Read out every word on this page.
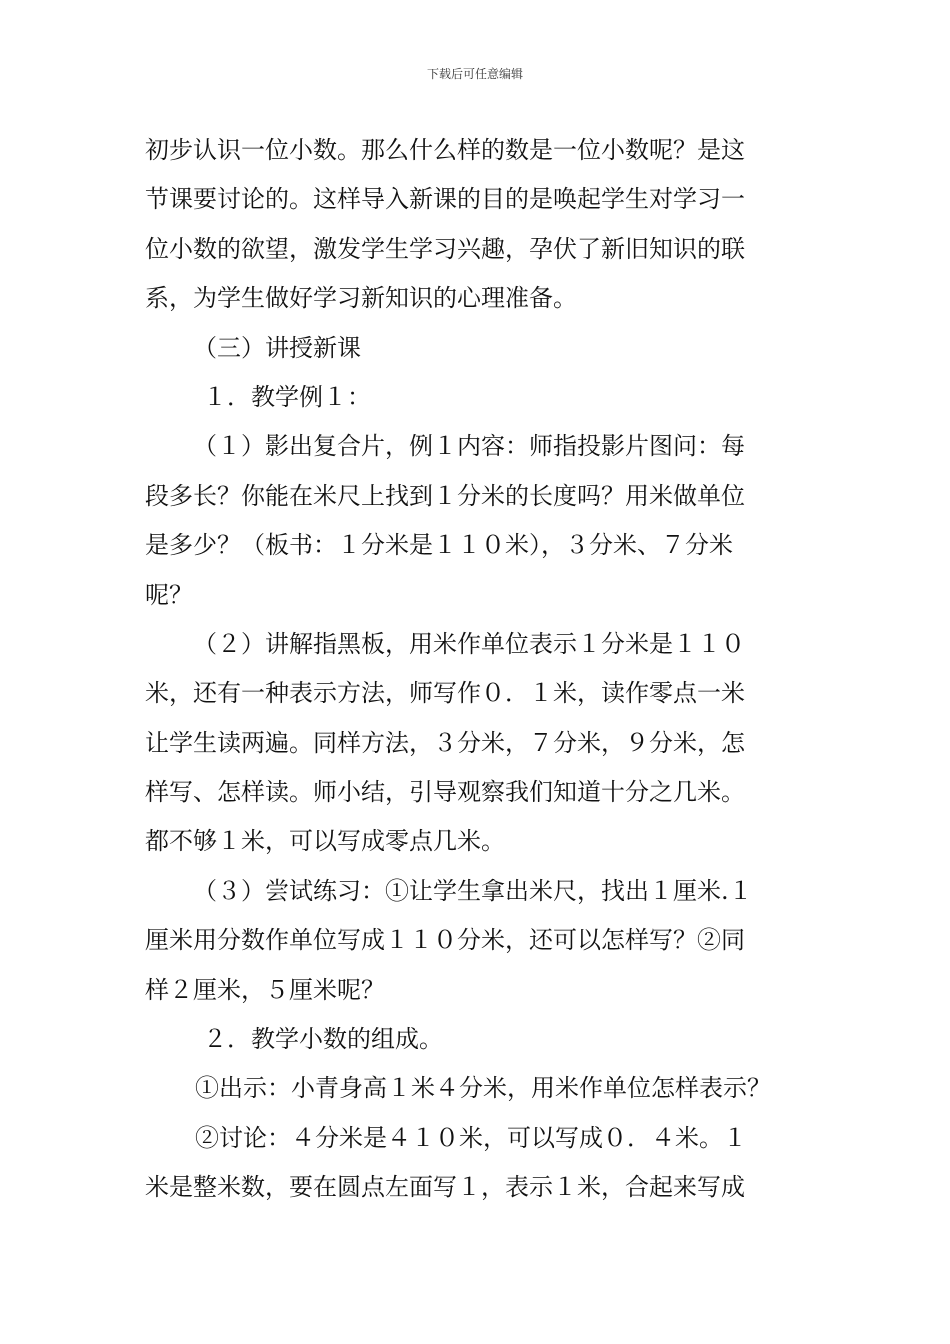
下载后可任意编辑
初步认识一位小数。那么什么样的数是一位小数呢？是这
节课要讨论的。这样导入新课的目的是唤起学生对学习一
位小数的欲望，激发学生学习兴趣，孕伏了新旧知识的联
系，为学生做好学习新知识的心理准备。
（三）讲授新课
１．教学例１：
（１）影出复合片，例１内容：师指投影片图问：每
段多长？你能在米尺上找到１分米的长度吗？用米做单位
是多少？（板书：１分米是１１０米），３分米、７分米
呢？
（２）讲解指黑板，用米作单位表示１分米是１１０
米，还有一种表示方法，师写作０．１米，读作零点一米
让学生读两遍。同样方法，３分米，７分米，９分米，怎
样写、怎样读。师小结，引导观察我们知道十分之几米。
都不够１米，可以写成零点几米。
（３）尝试练习：①让学生拿出米尺，找出１厘米.１
厘米用分数作单位写成１１０分米，还可以怎样写？②同
样２厘米，５厘米呢？
２．教学小数的组成。
①出示：小青身高１米４分米，用米作单位怎样表示？
②讨论：４分米是４１０米，可以写成０．４米。１
米是整米数，要在圆点左面写１，表示１米，合起来写成
